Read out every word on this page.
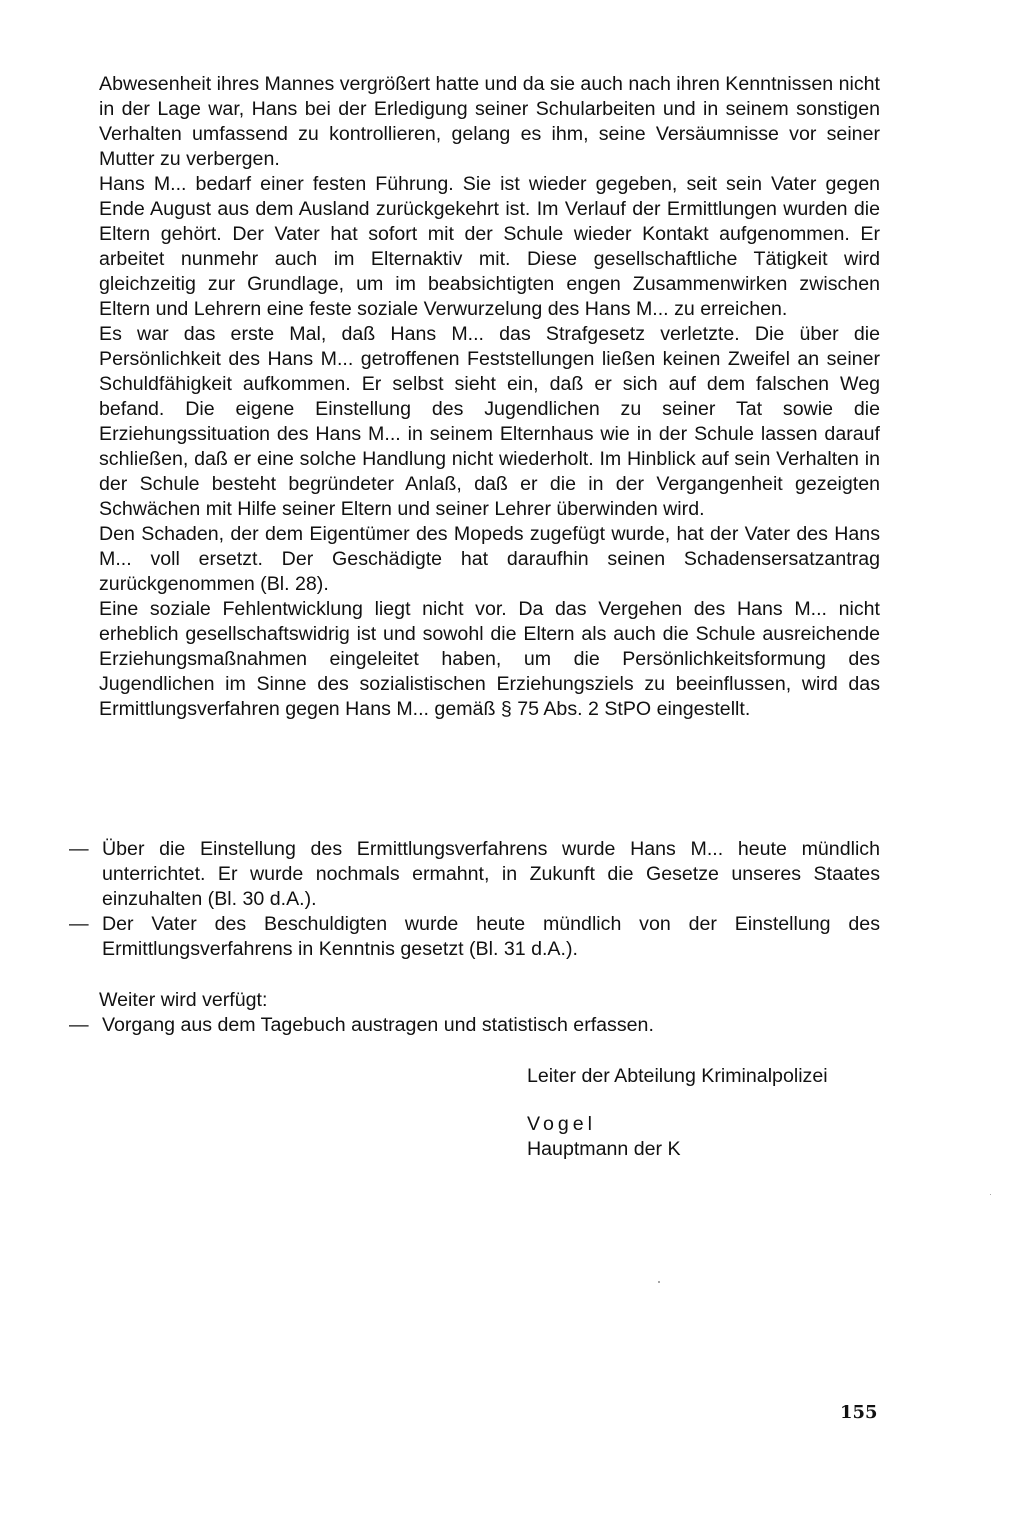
Abwesenheit ihres Mannes vergrößert hatte und da sie auch nach ihren Kenntnissen nicht in der Lage war, Hans bei der Erledigung seiner Schularbeiten und in seinem sonstigen Verhalten umfassend zu kontrollieren, gelang es ihm, seine Versäumnisse vor seiner Mutter zu verbergen.

Hans M... bedarf einer festen Führung. Sie ist wieder gegeben, seit sein Vater gegen Ende August aus dem Ausland zurückgekehrt ist. Im Verlauf der Ermittlungen wurden die Eltern gehört. Der Vater hat sofort mit der Schule wieder Kontakt aufgenommen. Er arbeitet nunmehr auch im Elternaktiv mit. Diese gesellschaftliche Tätigkeit wird gleichzeitig zur Grundlage, um im beabsichtigten engen Zusammenwirken zwischen Eltern und Lehrern eine feste soziale Verwurzelung des Hans M... zu erreichen.

Es war das erste Mal, daß Hans M... das Strafgesetz verletzte. Die über die Persönlichkeit des Hans M... getroffenen Feststellungen ließen keinen Zweifel an seiner Schuldfähigkeit aufkommen. Er selbst sieht ein, daß er sich auf dem falschen Weg befand. Die eigene Einstellung des Jugendlichen zu seiner Tat sowie die Erziehungssituation des Hans M... in seinem Elternhaus wie in der Schule lassen darauf schließen, daß er eine solche Handlung nicht wiederholt. Im Hinblick auf sein Verhalten in der Schule besteht begründeter Anlaß, daß er die in der Vergangenheit gezeigten Schwächen mit Hilfe seiner Eltern und seiner Lehrer überwinden wird.

Den Schaden, der dem Eigentümer des Mopeds zugefügt wurde, hat der Vater des Hans M... voll ersetzt. Der Geschädigte hat daraufhin seinen Schadensersatzantrag zurückgenommen (Bl. 28).

Eine soziale Fehlentwicklung liegt nicht vor. Da das Vergehen des Hans M... nicht erheblich gesellschaftswidrig ist und sowohl die Eltern als auch die Schule ausreichende Erziehungsmaßnahmen eingeleitet haben, um die Persönlichkeitsformung des Jugendlichen im Sinne des sozialistischen Erziehungsziels zu beeinflussen, wird das Ermittlungsverfahren gegen Hans M... gemäß § 75 Abs. 2 StPO eingestellt.

— Über die Einstellung des Ermittlungsverfahrens wurde Hans M... heute mündlich unterrichtet. Er wurde nochmals ermahnt, in Zukunft die Gesetze unseres Staates einzuhalten (Bl. 30 d.A.).
— Der Vater des Beschuldigten wurde heute mündlich von der Einstellung des Ermittlungsverfahrens in Kenntnis gesetzt (Bl. 31 d.A.).
Weiter wird verfügt:
— Vorgang aus dem Tagebuch austragen und statistisch erfassen.
Leiter der Abteilung Kriminalpolizei
Vogel
Hauptmann der K
155
